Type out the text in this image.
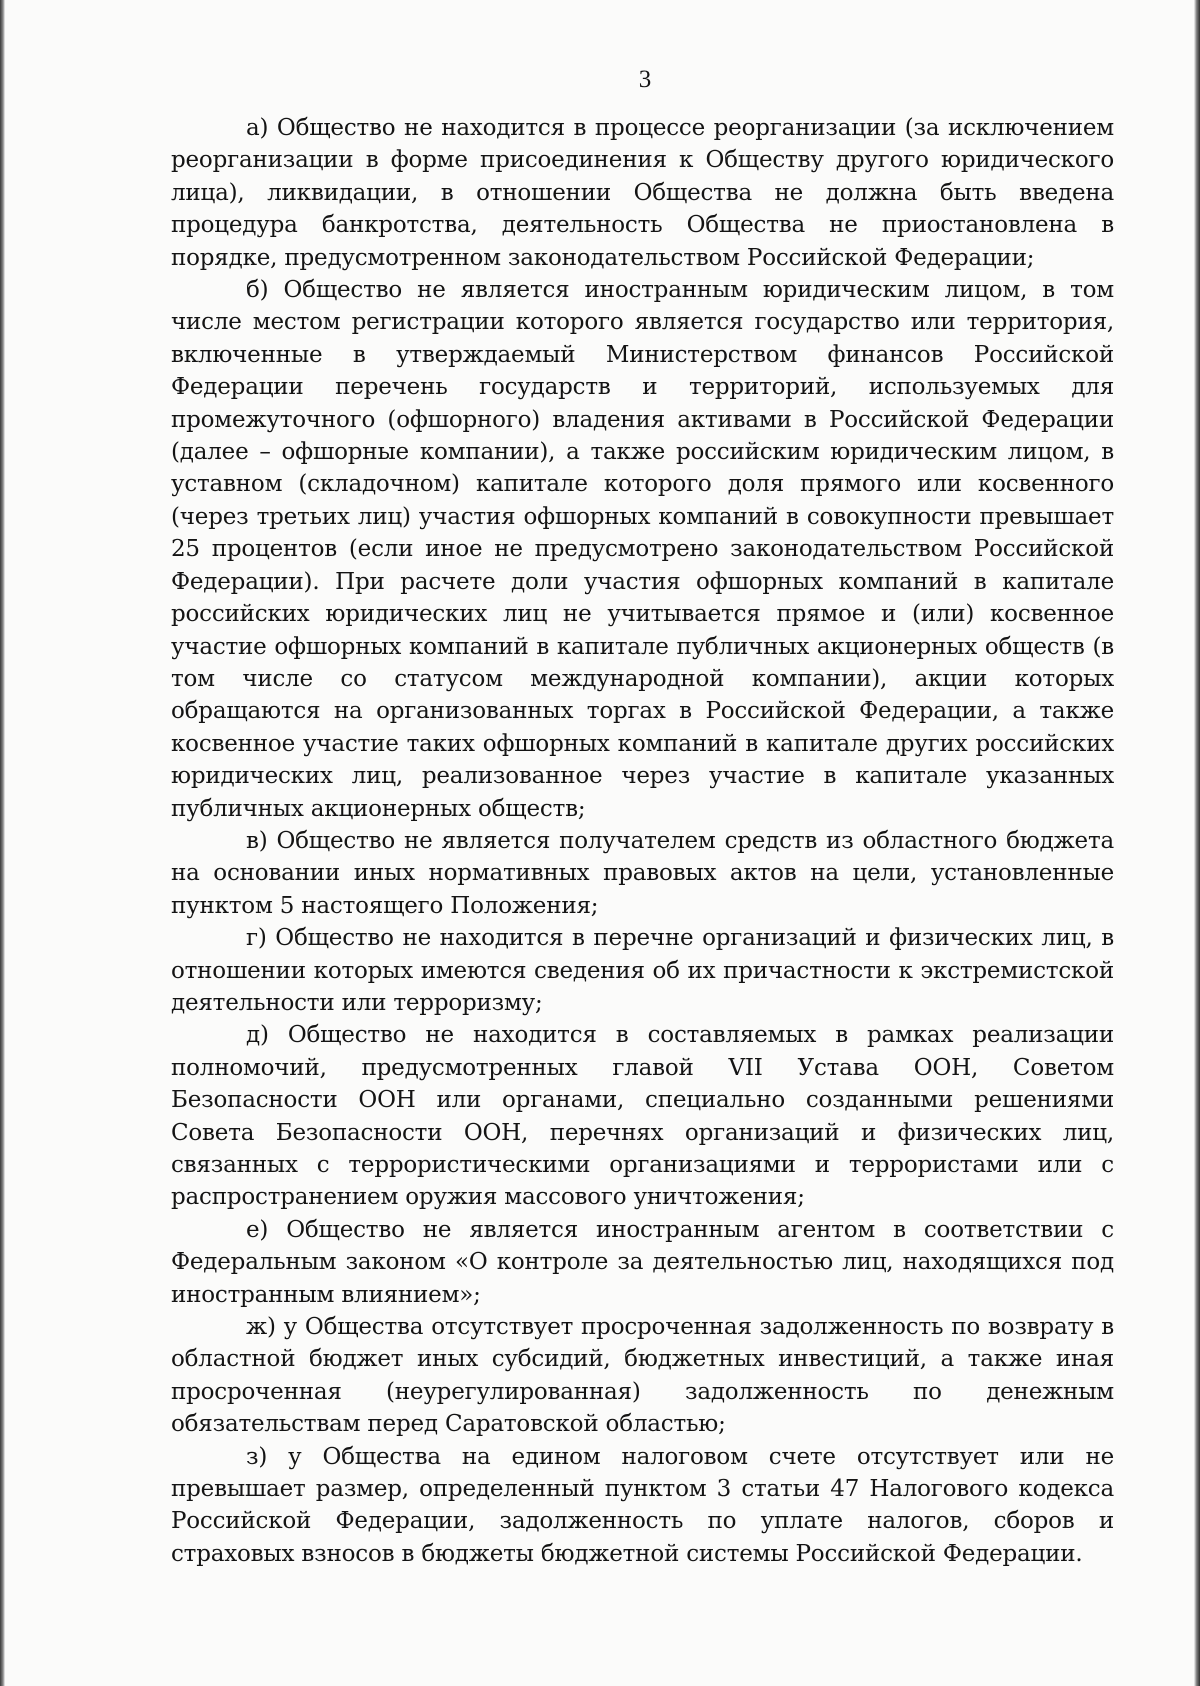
3

а) Общество не находится в процессе реорганизации (за исключением реорганизации в форме присоединения к Обществу другого юридического лица), ликвидации, в отношении Общества не должна быть введена процедура банкротства, деятельность Общества не приостановлена в порядке, предусмотренном законодательством Российской Федерации;

б) Общество не является иностранным юридическим лицом, в том числе местом регистрации которого является государство или территория, включенные в утверждаемый Министерством финансов Российской Федерации перечень государств и территорий, используемых для промежуточного (офшорного) владения активами в Российской Федерации (далее – офшорные компании), а также российским юридическим лицом, в уставном (складочном) капитале которого доля прямого или косвенного (через третьих лиц) участия офшорных компаний в совокупности превышает 25 процентов (если иное не предусмотрено законодательством Российской Федерации). При расчете доли участия офшорных компаний в капитале российских юридических лиц не учитывается прямое и (или) косвенное участие офшорных компаний в капитале публичных акционерных обществ (в том числе со статусом международной компании), акции которых обращаются на организованных торгах в Российской Федерации, а также косвенное участие таких офшорных компаний в капитале других российских юридических лиц, реализованное через участие в капитале указанных публичных акционерных обществ;

в) Общество не является получателем средств из областного бюджета на основании иных нормативных правовых актов на цели, установленные пунктом 5 настоящего Положения;

г) Общество не находится в перечне организаций и физических лиц, в отношении которых имеются сведения об их причастности к экстремистской деятельности или терроризму;

д) Общество не находится в составляемых в рамках реализации полномочий, предусмотренных главой VII Устава ООН, Советом Безопасности ООН или органами, специально созданными решениями Совета Безопасности ООН, перечнях организаций и физических лиц, связанных с террористическими организациями и террористами или с распространением оружия массового уничтожения;

е) Общество не является иностранным агентом в соответствии с Федеральным законом «О контроле за деятельностью лиц, находящихся под иностранным влиянием»;

ж) у Общества отсутствует просроченная задолженность по возврату в областной бюджет иных субсидий, бюджетных инвестиций, а также иная просроченная (неурегулированная) задолженность по денежным обязательствам перед Саратовской областью;

з) у Общества на едином налоговом счете отсутствует или не превышает размер, определенный пунктом 3 статьи 47 Налогового кодекса Российской Федерации, задолженность по уплате налогов, сборов и страховых взносов в бюджеты бюджетной системы Российской Федерации.
